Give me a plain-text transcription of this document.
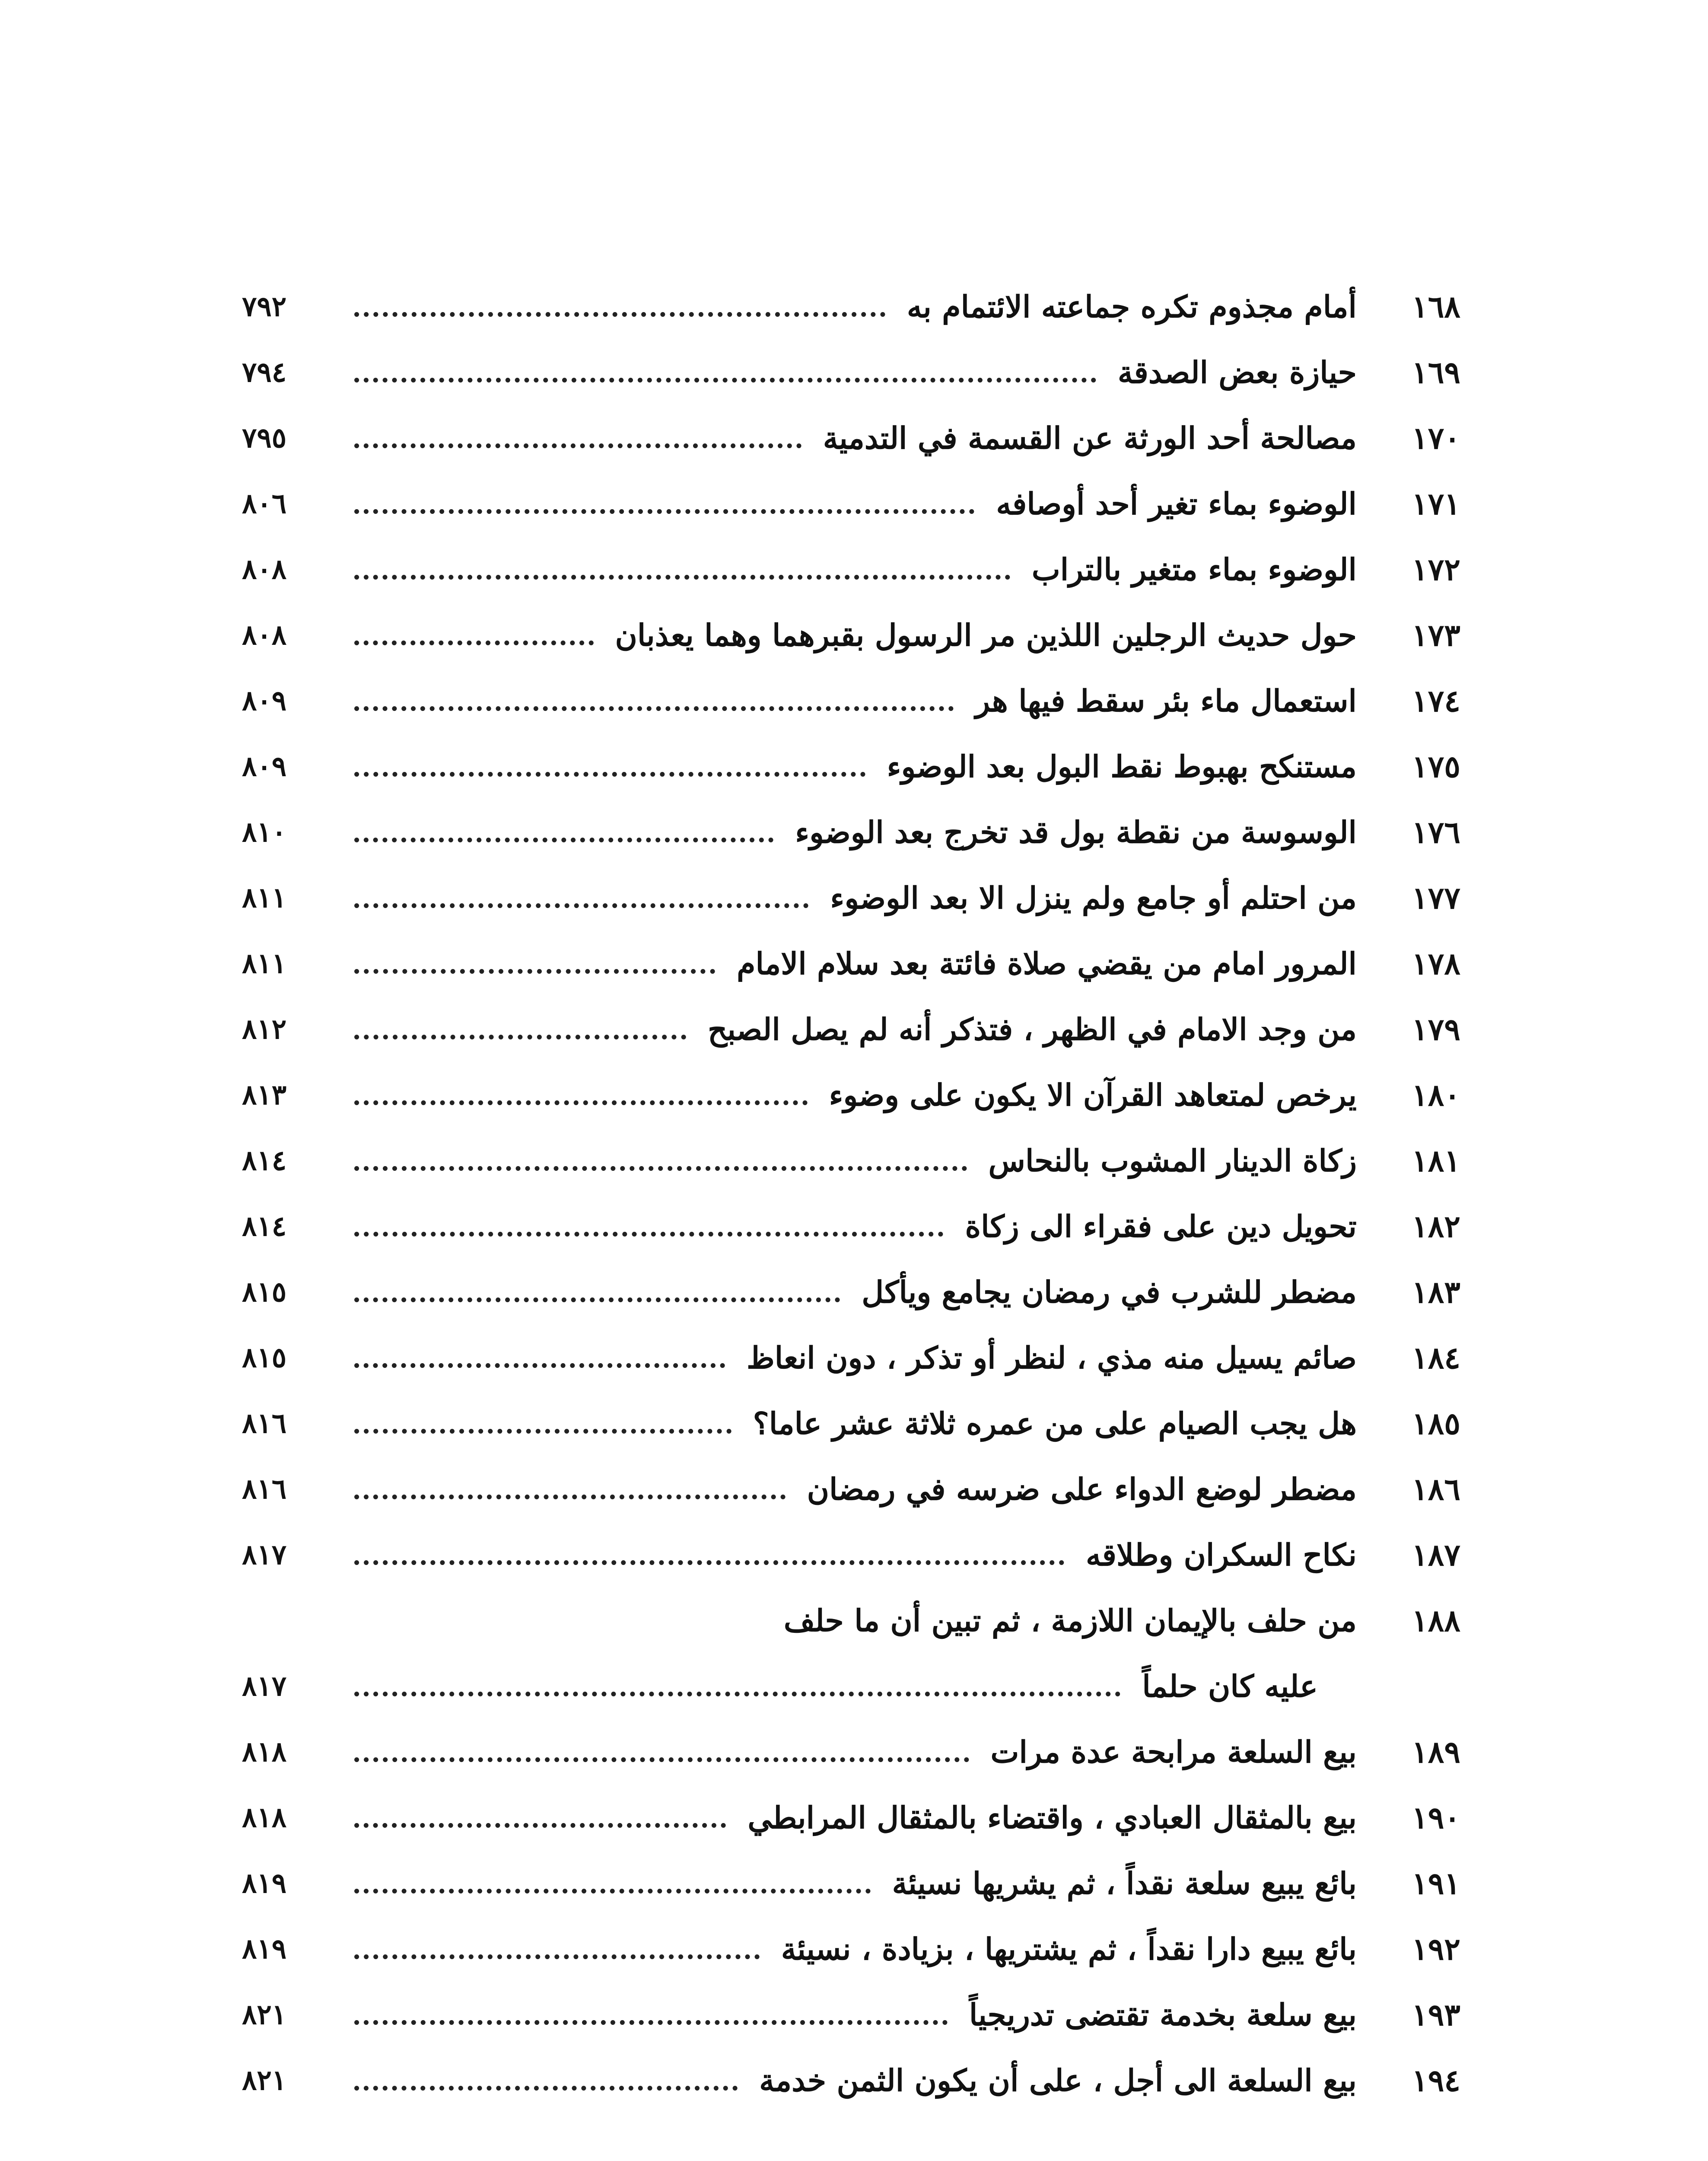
١٦٨
أمام مجذوم تكره جماعته الائتمام به
٧٩٢
١٦٩
حيازة بعض الصدقة
٧٩٤
١٧٠
مصالحة أحد الورثة عن القسمة في التدمية
٧٩٥
١٧١
الوضوء بماء تغير أحد أوصافه
٨٠٦
١٧٢
الوضوء بماء متغير بالتراب
٨٠٨
١٧٣
حول حديث الرجلين اللذين مر الرسول بقبرهما وهما يعذبان
٨٠٨
١٧٤
استعمال ماء بئر سقط فيها هر
٨٠٩
١٧٥
مستنكح بهبوط نقط البول بعد الوضوء
٨٠٩
١٧٦
الوسوسة من نقطة بول قد تخرج بعد الوضوء
٨١٠
١٧٧
من احتلم أو جامع ولم ينزل الا بعد الوضوء
٨١١
١٧٨
المرور امام من يقضي صلاة فائتة بعد سلام الامام
٨١١
١٧٩
من وجد الامام في الظهر ، فتذكر أنه لم يصل الصبح
٨١٢
١٨٠
يرخص لمتعاهد القرآن الا يكون على وضوء
٨١٣
١٨١
زكاة الدينار المشوب بالنحاس
٨١٤
١٨٢
تحويل دين على فقراء الى زكاة
٨١٤
١٨٣
مضطر للشرب في رمضان يجامع ويأكل
٨١٥
١٨٤
صائم يسيل منه مذي ، لنظر أو تذكر ، دون انعاظ
٨١٥
١٨٥
هل يجب الصيام على من عمره ثلاثة عشر عاما؟
٨١٦
١٨٦
مضطر لوضع الدواء على ضرسه في رمضان
٨١٦
١٨٧
نكاح السكران وطلاقه
٨١٧
١٨٨
من حلف بالإيمان اللازمة ، ثم تبين أن ما حلف
عليه كان حلماً
٨١٧
١٨٩
بيع السلعة مرابحة عدة مرات
٨١٨
١٩٠
بيع بالمثقال العبادي ، واقتضاء بالمثقال المرابطي
٨١٨
١٩١
بائع يبيع سلعة نقداً ، ثم يشريها نسيئة
٨١٩
١٩٢
بائع يبيع دارا نقداً ، ثم يشتريها ، بزيادة ، نسيئة
٨١٩
١٩٣
بيع سلعة بخدمة تقتضى تدريجياً
٨٢١
١٩٤
بيع السلعة الى أجل ، على أن يكون الثمن خدمة
٨٢١
